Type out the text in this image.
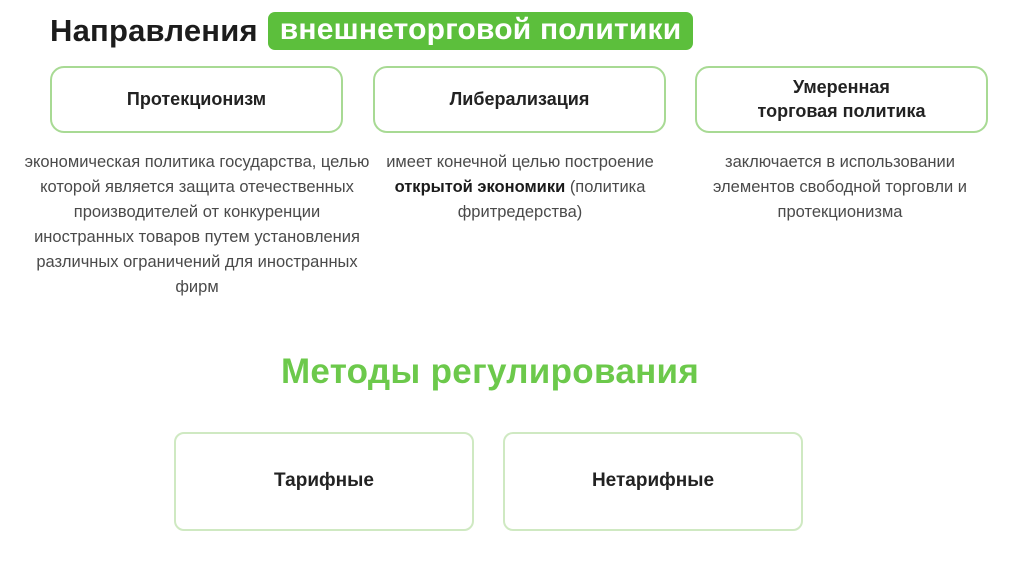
Направления внешнеторговой политики
Протекционизм	Либерализация
Умеренная
торговая политика
экономическая политика государства, целью которой является защита отечественных производителей от конкуренции иностранных товаров путем установления различных ограничений для иностранных фирм
имеет конечной целью построение открытой экономики (политика фритредерства)
заключается в использовании элементов свободной торговли и протекционизма
Методы регулирования
Тарифные	Нетарифные
